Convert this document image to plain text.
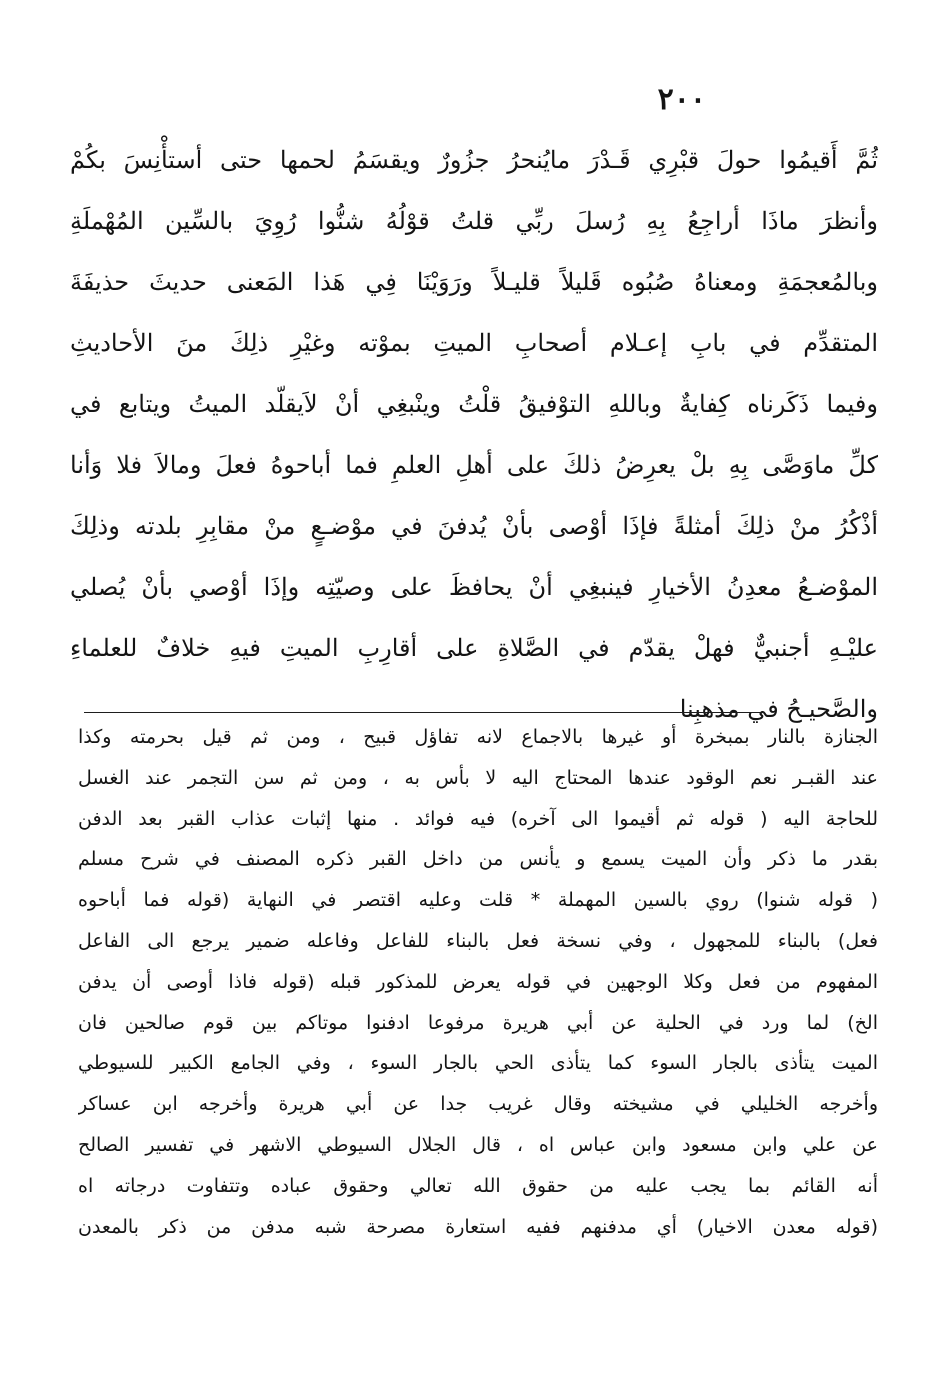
٢٠٠
ثُمَّ أَقيمُوا حولَ قبْرِي قَـدْرَ مايُنحرُ جزُورٌ ويقسَمُ لحمها حتى أستأْنِسَ بكُمْ
وأنظرَ ماذَا أراجِعُ بِهِ رُسلَ ربِّي قلتُ قوْلُهُ شنُّوا رُوِيَ بالسِّين المُهْملَةِ
وبالمُعجمَةِ ومعناهُ صُبُوه قَليلاً قليـلاً ورَوَيْنَا فِي هَذا المَعنى حديثَ حذيفَةَ
المتقدِّم في بابِ إعـلام أصحابِ الميتِ بموْته وغيْرِ ذلِكَ منَ الأحاديثِ
وفيما ذَكَرناه كِفايةٌ وباللهِ التوْفيقُ قلْتُ وينْبغِي أنْ لاَيقلّد الميتُ ويتابع في
كلِّ ماوَصَّى بِهِ بلْ يعرِضُ ذلكَ على أهلِ العلمِ فما أباحوهُ فعلَ ومالاَ فلا وَأنا
أذْكُرُ منْ ذلِكَ أمثلةً فإذَا أوْصى بأنْ يُدفنَ في موْضـعٍ منْ مقابِرِ بلدته وذلِكَ
الموْضـعُ معدِنُ الأخيارِ فينبغِي أنْ يحافظَ على وصيّتِه وإذَا أوْصي بأنْ يُصلي
عليْـهِ أجنبيٌّ فهلْ يقدّم في الصَّلاةِ على أقارِبِ الميتِ فيهِ خلافٌ للعلماءِ
والصَّحيـحُ في مذهبِنا
الجنازة بالنار بمبخرة أو غيرها بالاجماع لانه تفاؤل قبيح ، ومن ثم قيل بحرمته وكذا
عند القبـر نعم الوقود عندها المحتاج اليه لا بأس به ، ومن ثم سن التجمر عند الغسل
للحاجة اليه ( قوله ثم أقيموا الى آخره) فيه فوائد . منها إثبات عذاب القبر بعد الدفن
بقدر ما ذكر وأن الميت يسمع و يأنس من داخل القبر ذكره المصنف في شرح مسلم
( قوله شنوا) روي بالسين المهملة * قلت وعليه اقتصر في النهاية (قوله فما أباحوه
فعل) بالبناء للمجهول ، وفي نسخة فعل بالبناء للفاعل وفاعله ضمير يرجع الى الفاعل
المفهوم من فعل وكلا الوجهين في قوله يعرض للمذكور قبله (قوله فاذا أوصى أن يدفن
الخ) لما ورد في الحلية عن أبي هريرة مرفوعا ادفنوا موتاكم بين قوم صالحين فان
الميت يتأذى بالجار السوء كما يتأذى الحي بالجار السوء ، وفي الجامع الكبير للسيوطي
وأخرجه الخليلي في مشيخته وقال غريب جدا عن أبي هريرة وأخرجه ابن عساكر
عن علي وابن مسعود وابن عباس اه ، قال الجلال السيوطي الاشهر في تفسير الصالح
أنه القائم بما يجب عليه من حقوق الله تعالي وحقوق عباده وتتفاوت درجاته اه
(قوله معدن الاخيار) أي مدفنهم ففيه استعارة مصرحة شبه مدفن من ذكر بالمعدن
